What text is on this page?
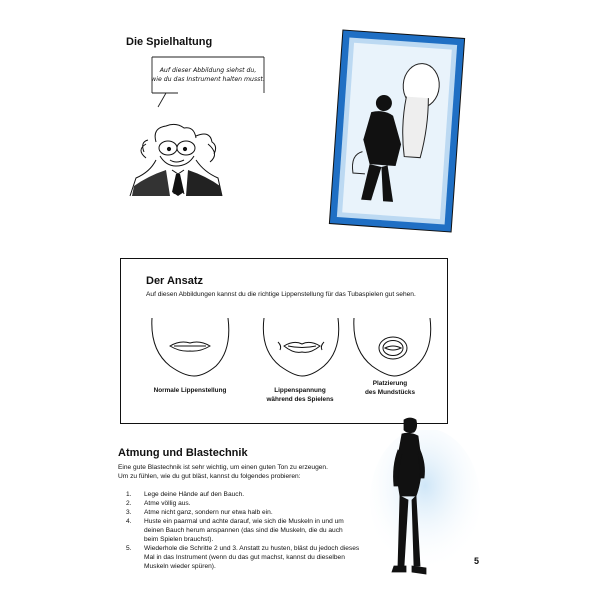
Die Spielhaltung
Auf dieser Abbildung siehst du,
wie du das Instrument halten musst.
Der Ansatz
Auf diesen Abbildungen kannst du die richtige Lippenstellung für das Tubaspielen gut sehen.
Normale Lippenstellung	Lippenspannung
während des Spielens
Platzierung
des Mundstücks
Atmung und Blastechnik
Eine gute Blastechnik ist sehr wichtig, um einen guten Ton zu erzeugen.
Um zu fühlen, wie du gut bläst, kannst du folgendes probieren:
1.	Lege deine Hände auf den Bauch.
2.	Atme völlig aus.
3.	Atme nicht ganz, sondern nur etwa halb ein.
4.	Huste ein paarmal und achte darauf, wie sich die Muskeln in und um
deinen Bauch herum anspannen (das sind die Muskeln, die du auch
beim Spielen brauchst).
5.	Wiederhole die Schritte 2 und 3. Anstatt zu husten, bläst du jedoch dieses
Mal in das Instrument (wenn du das gut machst, kannst du dieselben
Muskeln wieder spüren).
5
